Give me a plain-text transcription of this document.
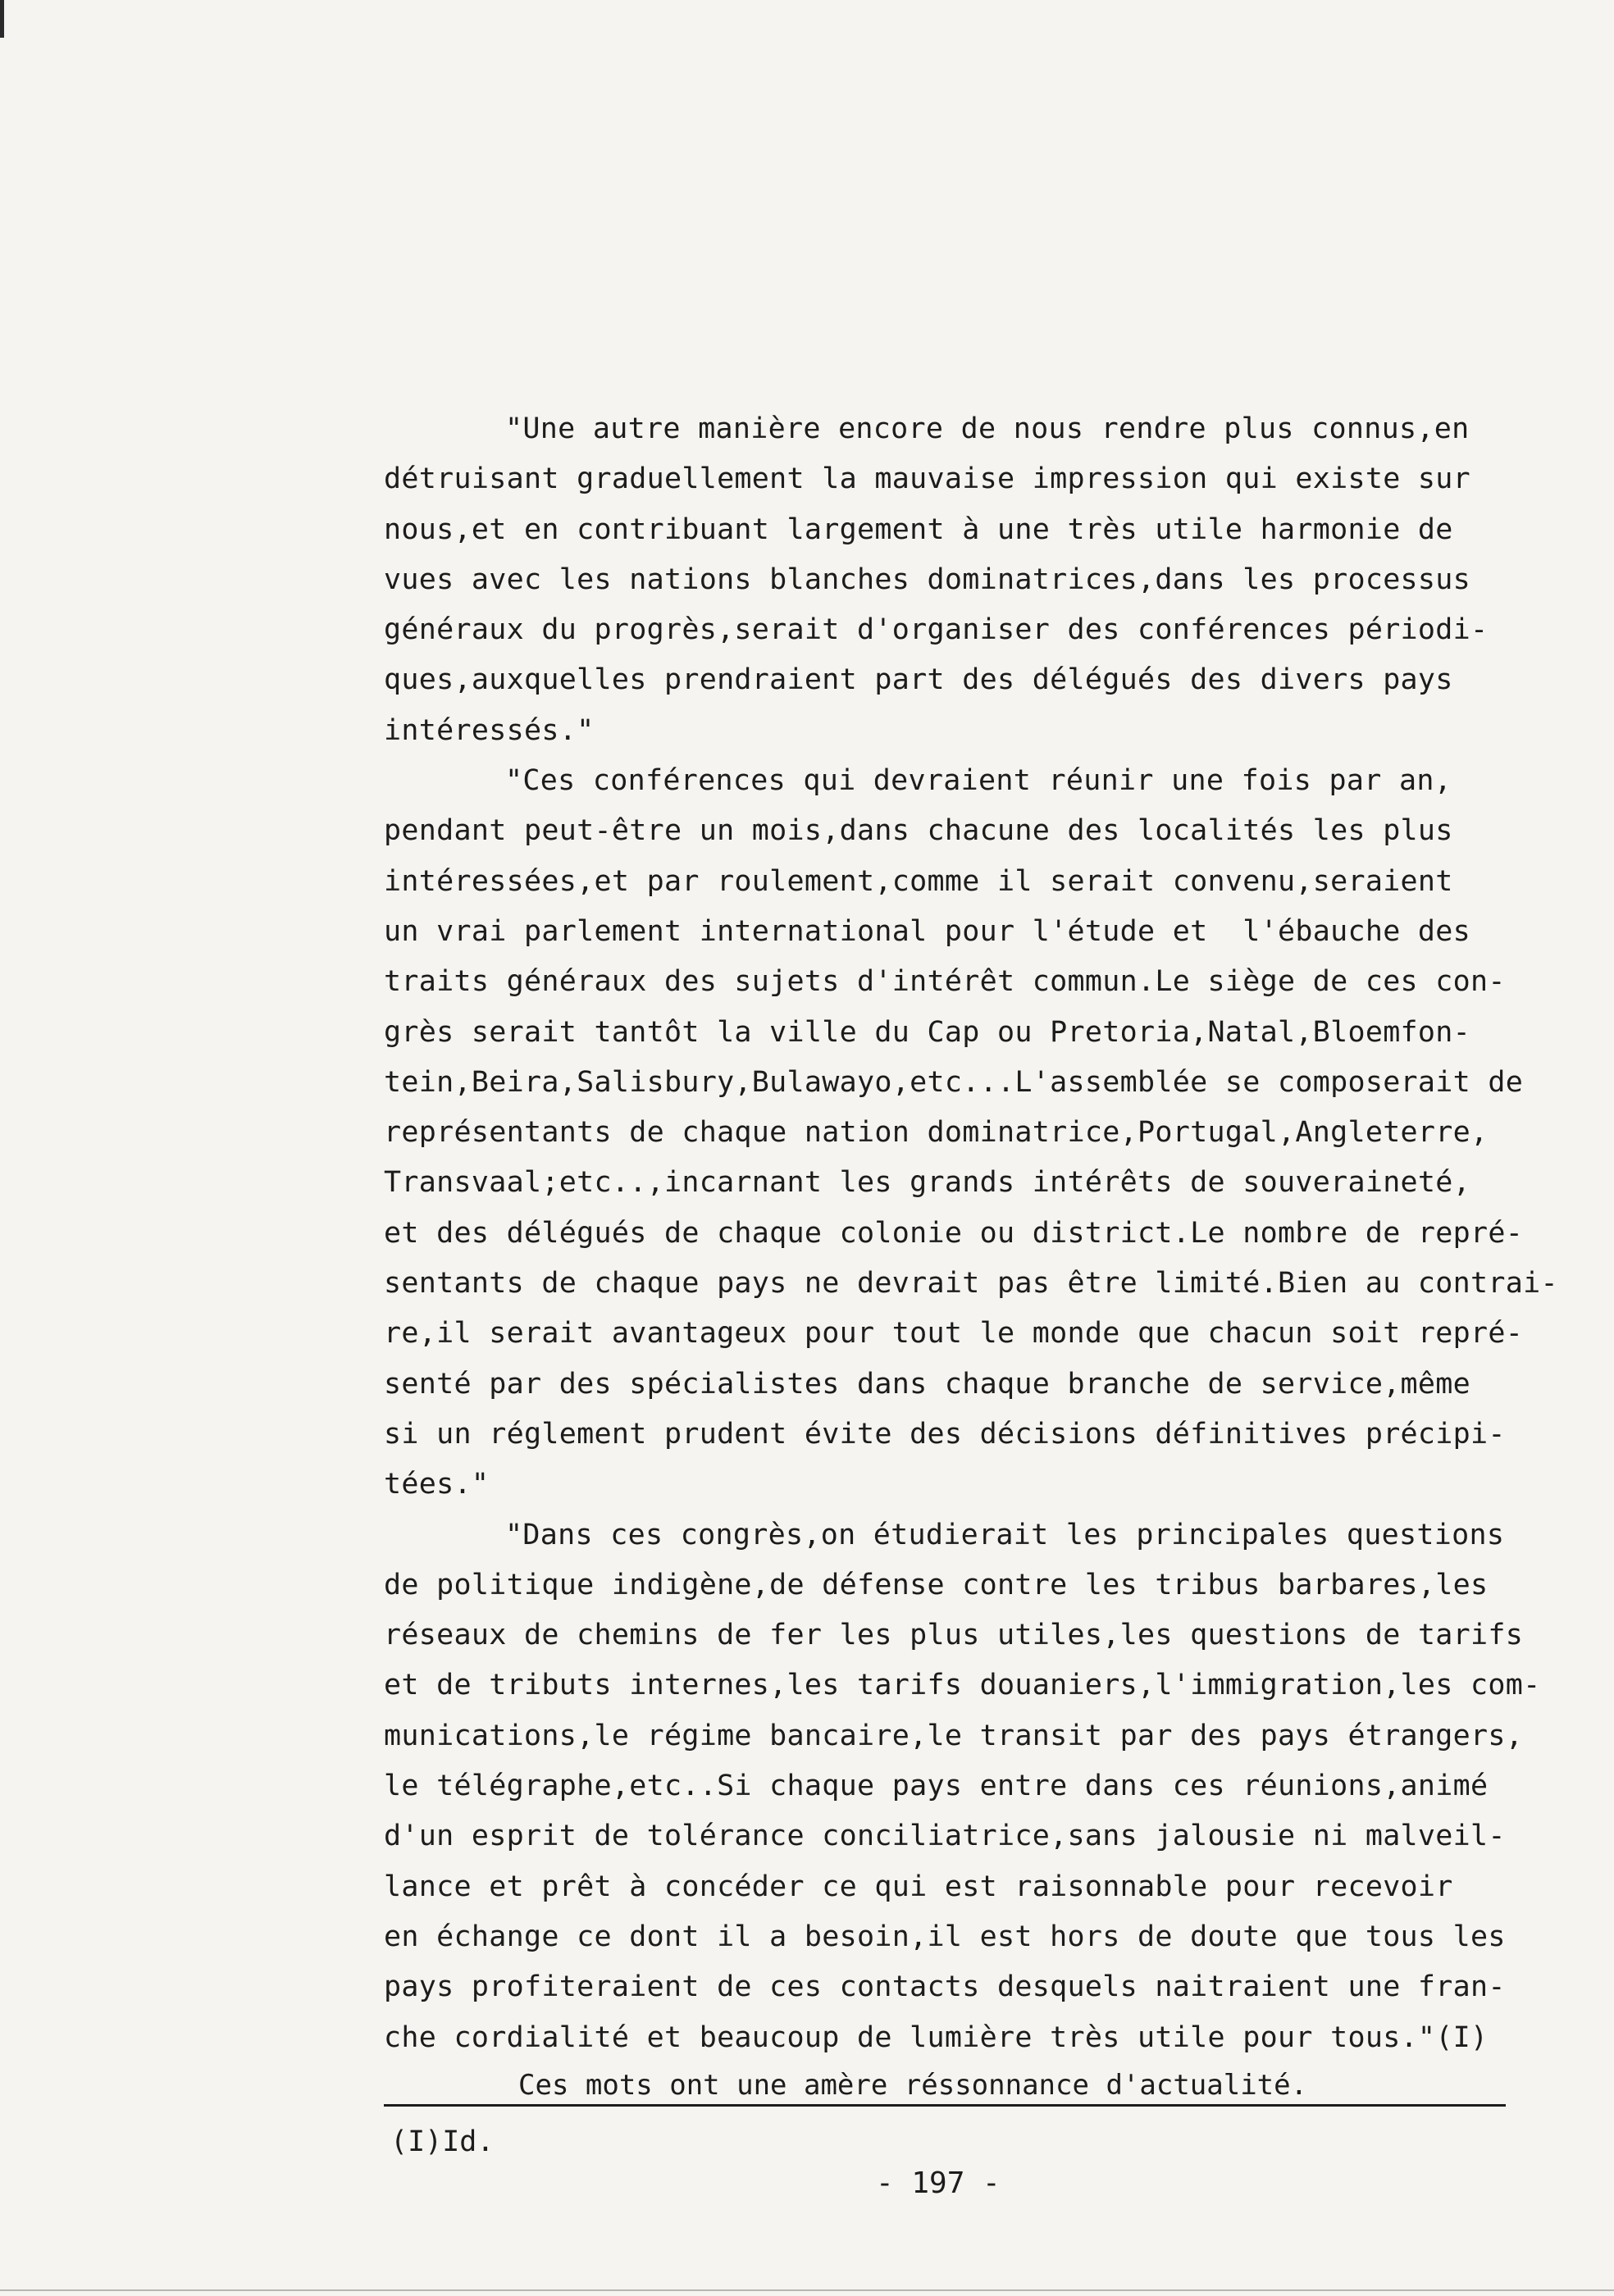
"Une autre manière encore de nous rendre plus connus,en
détruisant graduellement la mauvaise impression qui existe sur
nous,et en contribuant largement à une très utile harmonie de
vues avec les nations blanches dominatrices,dans les processus
généraux du progrès,serait d'organiser des conférences périodi-
ques,auxquelles prendraient part des délégués des divers pays
intéressés."

"Ces conférences qui devraient réunir une fois par an,
pendant peut-être un mois,dans chacune des localités les plus
intéressées,et par roulement,comme il serait convenu,seraient
un vrai parlement international pour l'étude et  l'ébauche des
traits généraux des sujets d'intérêt commun.Le siège de ces con-
grès serait tantôt la ville du Cap ou Pretoria,Natal,Bloemfon-
tein,Beira,Salisbury,Bulawayo,etc...L'assemblée se composerait de
représentants de chaque nation dominatrice,Portugal,Angleterre,
Transvaal;etc..,incarnant les grands intérêts de souveraineté,
et des délégués de chaque colonie ou district.Le nombre de repré-
sentants de chaque pays ne devrait pas être limité.Bien au contrai-
re,il serait avantageux pour tout le monde que chacun soit repré-
senté par des spécialistes dans chaque branche de service,même
si un réglement prudent évite des décisions définitives précipi-
tées."

"Dans ces congrès,on étudierait les principales questions
de politique indigène,de défense contre les tribus barbares,les
réseaux de chemins de fer les plus utiles,les questions de tarifs
et de tributs internes,les tarifs douaniers,l'immigration,les com-
munications,le régime bancaire,le transit par des pays étrangers,
le télégraphe,etc..Si chaque pays entre dans ces réunions,animé
d'un esprit de tolérance conciliatrice,sans jalousie ni malveil-
lance et prêt à concéder ce qui est raisonnable pour recevoir
en échange ce dont il a besoin,il est hors de doute que tous les
pays profiteraient de ces contacts desquels naitraient une fran-
che cordialité et beaucoup de lumière très utile pour tous."(I)

Ces mots ont une amère réssonnance d'actualité.
(I)Id.
- 197 -
